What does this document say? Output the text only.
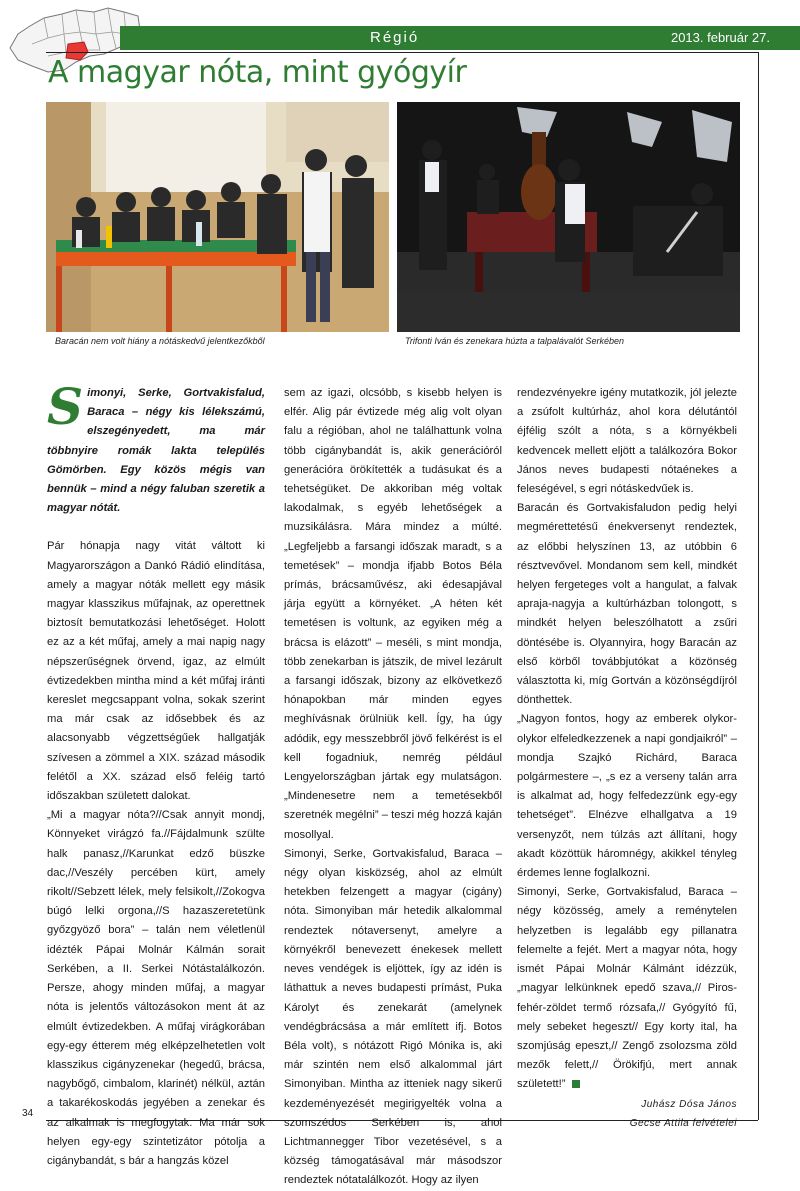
Régió	2013. február 27.
A magyar nóta, mint gyógyír
Baracán nem volt hiány a nótáskedvű jelentkezőkből	Trifonti Iván és zenekara húzta a talpalávalót Serkében

Simonyi, Serke, Gortvakisfalud, Baraca – négy kis lélekszámú, elszegényedett, ma már többnyire romák lakta település Gömörben. Egy közös mégis van bennük – mind a négy faluban szeretik a magyar nótát.

Pár hónapja nagy vitát váltott ki Magyarországon a Dankó Rádió elindítása, amely a magyar nóták mellett egy másik magyar klasszikus műfajnak, az operettnek biztosít bemutatkozási lehetőséget. Holott ez az a két műfaj, amely a mai napig nagy népszerűségnek örvend, igaz, az elmúlt évtizedekben mintha mind a két műfaj iránti kereslet megcsappant volna, sokak szerint ma már csak az idősebbek és az alacsonyabb végzettségűek hallgatják szívesen a zömmel a XIX. század második felétől a XX. század első feléig tartó időszakban született dalokat.

„Mi a magyar nóta?//Csak annyit mondj, Könnyeket virágzó fa.//Fájdalmunk szülte halk panasz,//Karunkat edző büszke dac,//Veszély percében kürt, amely rikolt//Sebzett lélek, mely felsikolt,//Zokogva búgó lelki orgona,//S hazaszeretetünk győzgyöző bora” – talán nem véletlenül idézték Pápai Molnár Kálmán sorait Serkében, a II. Serkei Nótástalálkozón. Persze, ahogy minden műfaj, a magyar nóta is jelentős változásokon ment át az elmúlt évtizedekben. A műfaj virágkorában egy-egy étterem még elképzelhetetlen volt klasszikus cigányzenekar (hegedű, brácsa, nagybőgő, cimbalom, klarinét) nélkül, aztán a takarékoskodás jegyében a zenekar és az alkalmak is megfogytak. Ma már sok helyen egy-egy szintetizátor pótolja a cigánybandát, s bár a hangzás közel

sem az igazi, olcsóbb, s kisebb helyen is elfér. Alig pár évtizede még alig volt olyan falu a régióban, ahol ne találhattunk volna több cigánybandát is, akik generációról generációra örökítették a tudásukat és a tehetségüket. De akkoriban még voltak lakodalmak, s egyéb lehetőségek a muzsikálásra. Mára mindez a múlté. „Legfeljebb a farsangi időszak maradt, s a temetések” – mondja ifjabb Botos Béla prímás, brácsaművész, aki édesapjával járja együtt a környéket. „A héten két temetésen is voltunk, az egyiken még a brácsa is elázott” – meséli, s mint mondja, több zenekarban is játszik, de mivel lezárult a farsangi időszak, bizony az elkövetkező hónapokban már minden egyes meghívásnak örülniük kell. Így, ha úgy adódik, egy messzebbről jövő felkérést is el kell fogadniuk, nemrég például Lengyelországban jártak egy mulatságon. „Mindenesetre nem a temetésekből szeretnék megélni” – teszi még hozzá kaján mosollyal.

Simonyi, Serke, Gortvakisfalud, Baraca – négy olyan kisközség, ahol az elmúlt hetekben felzengett a magyar (cigány) nóta. Simonyiban már hetedik alkalommal rendeztek nótaversenyt, amelyre a környékről benevezett énekesek mellett neves vendégek is eljöttek, így az idén is láthattuk a neves budapesti prímást, Puka Károlyt és zenekarát (amelynek vendégbrácsása a már említett ifj. Botos Béla volt), s nótázott Rigó Mónika is, aki már szintén nem első alkalommal járt Simonyiban. Mintha az itteniek nagy sikerű kezdeményezését megirigyelték volna a szomszédos Serkében is, ahol Lichtmannegger Tibor vezetésével, s a község támogatásával már másodszor rendeztek nótatalálkozót. Hogy az ilyen

rendezvényekre igény mutatkozik, jól jelezte a zsúfolt kultúrház, ahol kora délutántól éjfélig szólt a nóta, s a környékbeli kedvencek mellett eljött a találkozóra Bokor János neves budapesti nótaénekes a feleségével, s egri nótáskedvűek is.

Baracán és Gortvakisfaludon pedig helyi megmérettetésű énekversenyt rendeztek, az előbbi helyszínen 13, az utóbbin 6 résztvevővel. Mondanom sem kell, mindkét helyen fergeteges volt a hangulat, a falvak apraja-nagyja a kultúrházban tolongott, s mindkét helyen beleszólhatott a zsűri döntésébe is. Olyannyira, hogy Baracán az első körből továbbjutókat a közönség választotta ki, míg Gortván a közönségdíjról dönthettek.

„Nagyon fontos, hogy az emberek olykor-olykor elfeledkezzenek a napi gondjaikról” – mondja Szajkó Richárd, Baraca polgármestere –, „s ez a verseny talán arra is alkalmat ad, hogy felfedezzünk egy-egy tehetséget”. Elnézve elhallgatva a 19 versenyzőt, nem túlzás azt állítani, hogy akadt közöttük háromnégy, akikkel tényleg érdemes lenne foglalkozni.

Simonyi, Serke, Gortvakisfalud, Baraca – négy közösség, amely a reménytelen helyzetben is legalább egy pillanatra felemelte a fejét. Mert a magyar nóta, hogy ismét Pápai Molnár Kálmánt idézzük, „magyar lelkünknek epedő szava,// Piros-fehér-zöldet termő rózsafa,// Gyógyító fű, mely sebeket hegeszt// Egy korty ital, ha szomjúság epeszt,// Zengő zsolozsma zöld mezők felett,// Örökifjú, mert annak született!”

Juhász Dósa János

Gecse Attila felvételei

34
